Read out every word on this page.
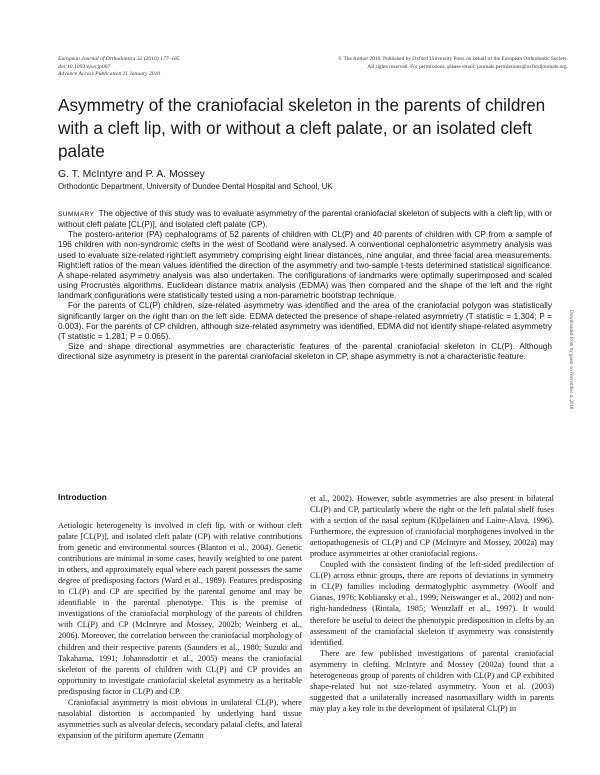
European Journal of Orthodontics 32 (2010) 177–185
doi:10.1093/ejo/cjp067
Advance Access Publication 11 January 2010
© The Author 2010. Published by Oxford University Press on behalf of the European Orthodontic Society.
All rights reserved. For permissions, please email: journals.permissions@oxfordjournals.org.
Asymmetry of the craniofacial skeleton in the parents of children with a cleft lip, with or without a cleft palate, or an isolated cleft palate
G. T. McIntyre and P. A. Mossey
Orthodontic Department, University of Dundee Dental Hospital and School, UK

SUMMARY The objective of this study was to evaluate asymmetry of the parental craniofacial skeleton of subjects with a cleft lip, with or without cleft palate [CL(P)], and isolated cleft palate (CP).

The postero-anterior (PA) cephalograms of 52 parents of children with CL(P) and 40 parents of children with CP from a sample of 196 children with non-syndromic clefts in the west of Scotland were analysed. A conventional cephalometric asymmetry analysis was used to evaluate size-related right:left asymmetry comprising eight linear distances, nine angular, and three facial area measurements. Right:left ratios of the mean values identified the direction of the asymmetry and two-sample t-tests determined statistical significance. A shape-related asymmetry analysis was also undertaken. The configurations of landmarks were optimally superimposed and scaled using Procrustes algorithms. Euclidean distance matrix analysis (EDMA) was then compared and the shape of the left and the right landmark configurations were statistically tested using a non-parametric bootstrap technique.

For the parents of CL(P) children, size-related asymmetry was identified and the area of the craniofacial polygon was statistically significantly larger on the right than on the left side. EDMA detected the presence of shape-related asymmetry (T statistic = 1.304; P = 0.003). For the parents of CP children, although size-related asymmetry was identified, EDMA did not identify shape-related asymmetry (T statistic = 1.281; P = 0.065).

Size and shape directional asymmetries are characteristic features of the parental craniofacial skeleton in CL(P). Although directional size asymmetry is present in the parental craniofacial skeleton in CP, shape asymmetry is not a characteristic feature.	Downloaded from by guest on November 4, 2016
Introduction

Aetiologic heterogeneity is involved in cleft lip, with or without cleft palate [CL(P)], and isolated cleft palate (CP) with relative contributions from genetic and environmental sources (Blanton et al., 2004). Genetic contributions are minimal in some cases, heavily weighted to one parent in others, and approximately equal where each parent possesses the same degree of predisposing factors (Ward et al., 1989). Features predisposing to CL(P) and CP are specified by the parental genome and may be identifiable in the parental phenotype. This is the premise of investigations of the craniofacial morphology of the parents of children with CL(P) and CP (McIntyre and Mossey, 2002b; Weinberg et al., 2006). Moreover, the correlation between the craniofacial morphology of children and their respective parents (Saunders et al., 1980; Suzuki and Takahama, 1991; Johannsdottir et al., 2005) means the craniofacial skeleton of the parents of children with CL(P) and CP provides an opportunity to investigate craniofacial skeletal asymmetry as a heritable predisposing factor in CL(P) and CP.

Craniofacial asymmetry is most obvious in unilateral CL(P), where nasolabial distortion is accompanied by underlying hard tissue asymmetries such as alveolar defects, secondary palatal clefts, and lateral expansion of the piriform aperture (Zemann

et al., 2002). However, subtle asymmetries are also present in bilateral CL(P) and CP, particularly where the right or the left palatal shelf fuses with a section of the nasal septum (Kilpeläinen and Laine-Alava, 1996). Furthermore, the expression of craniofacial morphogenes involved in the aetiopathogenesis of CL(P) and CP (McIntyre and Mossey, 2002a) may produce asymmetries at other craniofacial regions.

Coupled with the consistent finding of the left-sided predilection of CL(P) across ethnic groups, there are reports of deviations in symmetry in CL(P) families including dermatoglyphic asymmetry (Woolf and Gianas, 1976; Kobliansky et al., 1999; Neiswanger et al., 2002) and non-right-handedness (Rintala, 1985; Wentzlaff et al., 1997). It would therefore be useful to detect the phenotypic predisposition in clefts by an assessment of the craniofacial skeleton if asymmetry was consistently identified.

There are few published investigations of parental craniofacial asymmetry in clefting. McIntyre and Mossey (2002a) found that a heterogeneous group of parents of children with CL(P) and CP exhibited shape-related but not size-related asymmetry. Yoon et al. (2003) suggested that a unilaterally increased nasomaxillary width in parents may play a key role in the development of ipsilateral CL(P) in
